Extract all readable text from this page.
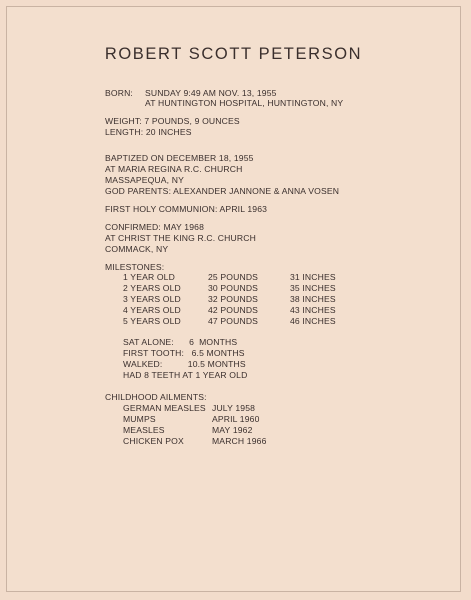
ROBERT SCOTT PETERSON
BORN: SUNDAY 9:49 AM NOV. 13, 1955
AT HUNTINGTON HOSPITAL, HUNTINGTON, NY
WEIGHT: 7 POUNDS, 9 OUNCES
LENGTH: 20 INCHES
BAPTIZED ON DECEMBER 18, 1955
AT MARIA REGINA R.C. CHURCH
MASSAPEQUA, NY
GOD PARENTS: ALEXANDER JANNONE & ANNA VOSEN
FIRST HOLY COMMUNION: APRIL 1963
CONFIRMED: MAY 1968
AT CHRIST THE KING R.C. CHURCH
COMMACK, NY
MILESTONES:
1 YEAR OLD	25 POUNDS	31 INCHES
2 YEARS OLD	30 POUNDS	35 INCHES
3 YEARS OLD	32 POUNDS	38 INCHES
4 YEARS OLD	42 POUNDS	43 INCHES
5 YEARS OLD	47 POUNDS	46 INCHES
SAT ALONE:      6  MONTHS
FIRST TOOTH:   6.5 MONTHS
WALKED:          10.5 MONTHS
HAD 8 TEETH AT 1 YEAR OLD
CHILDHOOD AILMENTS:
GERMAN MEASLES JULY 1958
MUMPS	APRIL 1960
MEASLES	MAY 1962
CHICKEN POX	MARCH 1966
